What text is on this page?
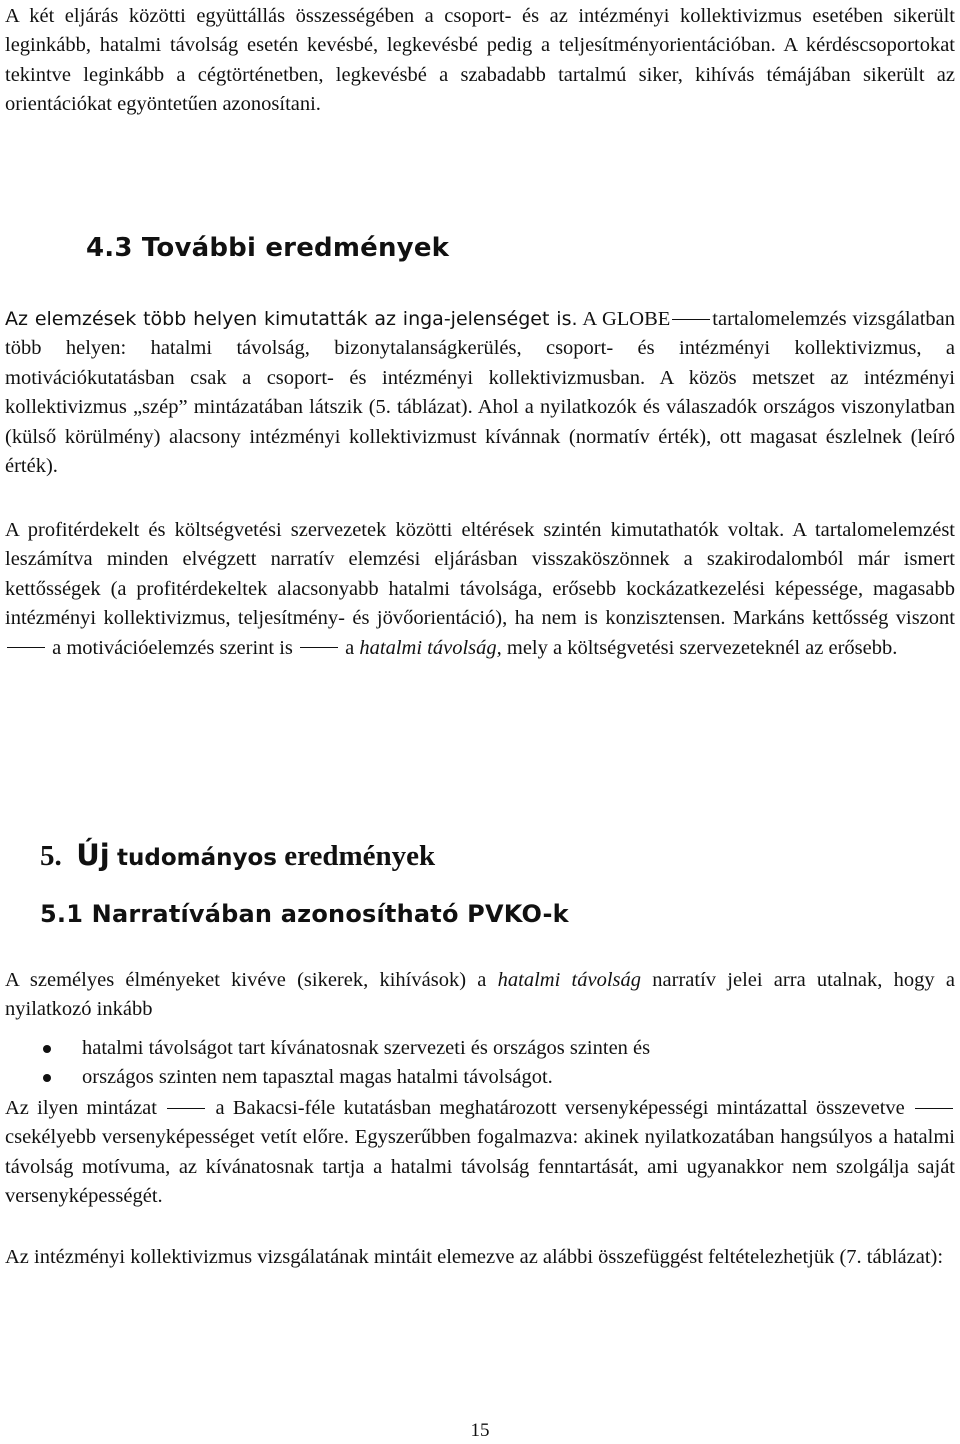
A két eljárás közötti együttállás összességében a csoport- és az intézményi kollektivizmus esetében sikerült leginkább, hatalmi távolság esetén kevésbé, legkevésbé pedig a teljesítményorientációban. A kérdéscsoportokat tekintve leginkább a cégtörténetben, legkevésbé a szabadabb tartalmú siker, kihívás témájában sikerült az orientációkat egyöntetűen azonosítani.

4.3 További eredmények

Az elemzések több helyen kimutatták az inga-jelenséget is. A GLOBE tartalomelemzés vizsgálatban több helyen: hatalmi távolság, bizonytalanságkerülés, csoport- és intézményi kollektivizmus, a motivációkutatásban csak a csoport- és intézményi kollektivizmusban. A közös metszet az intézményi kollektivizmus „szép” mintázatában látszik (5. táblázat). Ahol a nyilatkozók és válaszadók országos viszonylatban (külső körülmény) alacsony intézményi kollektivizmust kívánnak (normatív érték), ott magasat észlelnek (leíró érték).

A profitérdekelt és költségvetési szervezetek közötti eltérések szintén kimutathatók voltak. A tartalomelemzést leszámítva minden elvégzett narratív elemzési eljárásban visszaköszönnek a szakirodalomból már ismert kettősségek (a profitérdekeltek alacsonyabb hatalmi távolsága, erősebb kockázatkezelési képessége, magasabb intézményi kollektivizmus, teljesítmény- és jövőorientáció), ha nem is konzisztensen. Markáns kettősség viszont  a motivációelemzés szerint is	a hatalmi távolság, mely a költségvetési szervezeteknél az erősebb.

5. Új tudományos eredmények
5.1 Narratívában azonosítható PVKO-k

A személyes élményeket kivéve (sikerek, kihívások) a hatalmi távolság narratív jelei arra utalnak, hogy a nyilatkozó inkább

hatalmi távolságot tart kívánatosnak szervezeti és országos szinten és
országos szinten nem tapasztal magas hatalmi távolságot.

Az ilyen mintázat	a Bakacsi-féle kutatásban meghatározott versenyképességi mintázattal összevetve  csekélyebb versenyképességet vetít előre. Egyszerűbben fogalmazva: akinek nyilatkozatában hangsúlyos a hatalmi távolság motívuma, az kívánatosnak tartja a hatalmi távolság fenntartását, ami ugyanakkor nem szolgálja saját versenyképességét.

Az intézményi kollektivizmus vizsgálatának mintáit elemezve az alábbi összefüggést feltételezhetjük (7. táblázat):

15
